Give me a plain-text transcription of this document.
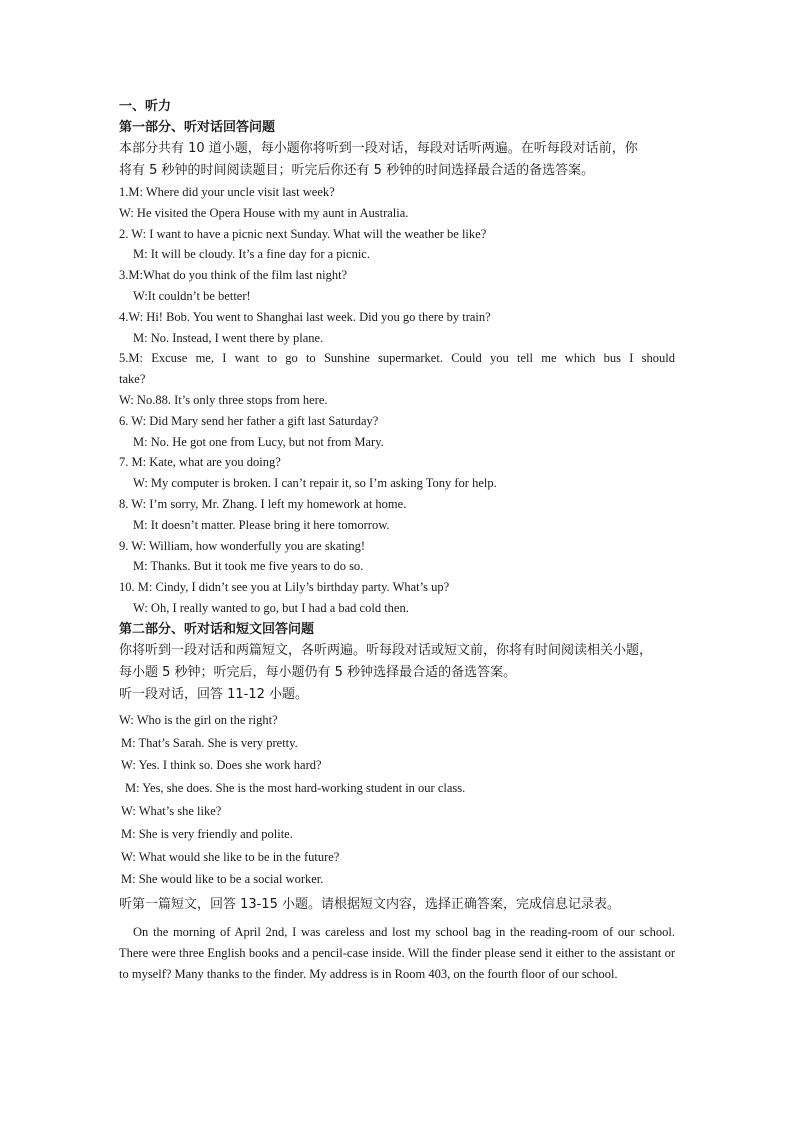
一、听力
第一部分、听对话回答问题
本部分共有 10 道小题，每小题你将听到一段对话，每段对话听两遍。在听每段对话前，你
将有 5 秒钟的时间阅读题目；听完后你还有 5 秒钟的时间选择最合适的备选答案。
1.M: Where did your uncle visit last week?
W: He visited the Opera House with my aunt in Australia.
2. W: I want to have a picnic next Sunday. What will the weather be like?
M: It will be cloudy. It’s a fine day for a picnic.
3.M:What do you think of the film last night?
W:It couldn’t be better!
4.W: Hi! Bob. You went to Shanghai last week. Did you go there by train?
M: No. Instead, I went there by plane.
5.M: Excuse me, I want to go to Sunshine supermarket. Could you tell me which bus I should
take?
W: No.88. It’s only three stops from here.
6. W: Did Mary send her father a gift last Saturday?
M: No. He got one from Lucy, but not from Mary.
7. M: Kate, what are you doing?
W: My computer is broken. I can’t repair it, so I’m asking Tony for help.
8. W: I’m sorry, Mr. Zhang. I left my homework at home.
M: It doesn’t matter. Please bring it here tomorrow.
9. W: William, how wonderfully you are skating!
M: Thanks. But it took me five years to do so.
10. M: Cindy, I didn’t see you at Lily’s birthday party. What’s up?
W: Oh, I really wanted to go, but I had a bad cold then.
第二部分、听对话和短文回答问题
你将听到一段对话和两篇短文，各听两遍。听每段对话或短文前，你将有时间阅读相关小题，
每小题 5 秒钟；听完后，每小题仍有 5 秒钟选择最合适的备选答案。
听一段对话，回答 11-12 小题。
W: Who is the girl on the right?
M: That’s Sarah. She is very pretty.
W: Yes. I think so. Does she work hard?
M: Yes, she does. She is the most hard-working student in our class.
W: What’s she like?
M: She is very friendly and polite.
W: What would she like to be in the future?
M: She would like to be a social worker.
听第一篇短文，回答 13-15 小题。请根据短文内容，选择正确答案，完成信息记录表。
On the morning of April 2nd, I was careless and lost my school bag in the reading-room of our school. There were three English books and a pencil-case inside. Will the finder please send it either to the assistant or to myself? Many thanks to the finder. My address is in Room 403, on the fourth floor of our school.
